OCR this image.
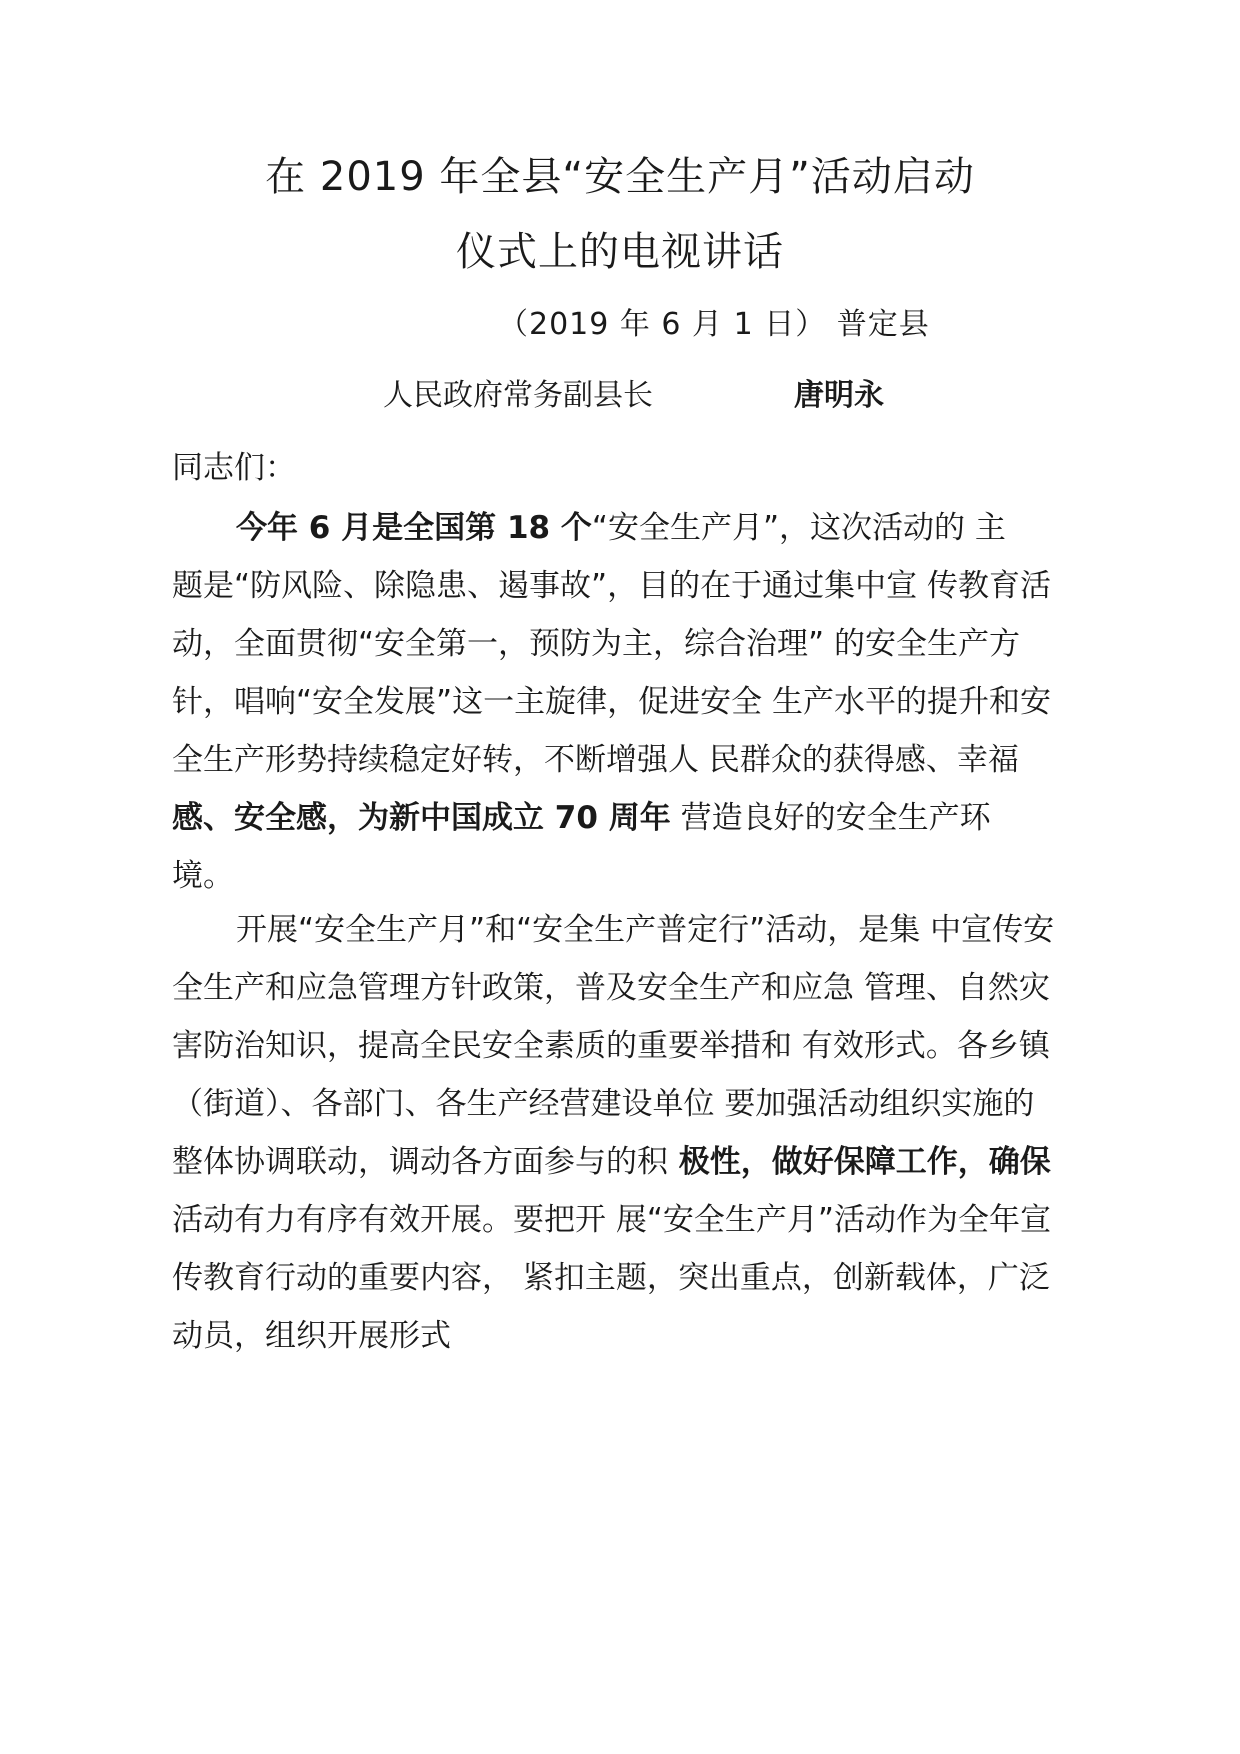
在 2019 年全县“安全生产月”活动启动
仪式上的电视讲话
（2019 年 6 月 1 日） 普定县
人民政府常务副县长	唐明永
同志们：
今年 6 月是全国第 18 个“安全生产月”，这次活动的 主
题是“防风险、除隐患、遏事故”，目的在于通过集中宣 传教育活
动，全面贯彻“安全第一，预防为主，综合治理” 的安全生产方
针，唱响“安全发展”这一主旋律，促进安全 生产水平的提升和安
全生产形势持续稳定好转，不断增强人 民群众的获得感、幸福
感、安全感，为新中国成立 70 周年 营造良好的安全生产环
境。
开展“安全生产月”和“安全生产普定行”活动，是集 中宣传安
全生产和应急管理方针政策，普及安全生产和应急 管理、自然灾
害防治知识，提高全民安全素质的重要举措和 有效形式。各乡镇
（街道）、各部门、各生产经营建设单位 要加强活动组织实施的
整体协调联动，调动各方面参与的积 极性，做好保障工作，确保
活动有力有序有效开展。要把开 展“安全生产月”活动作为全年宣
传教育行动的重要内容， 紧扣主题，突出重点，创新载体，广泛
动员，组织开展形式
